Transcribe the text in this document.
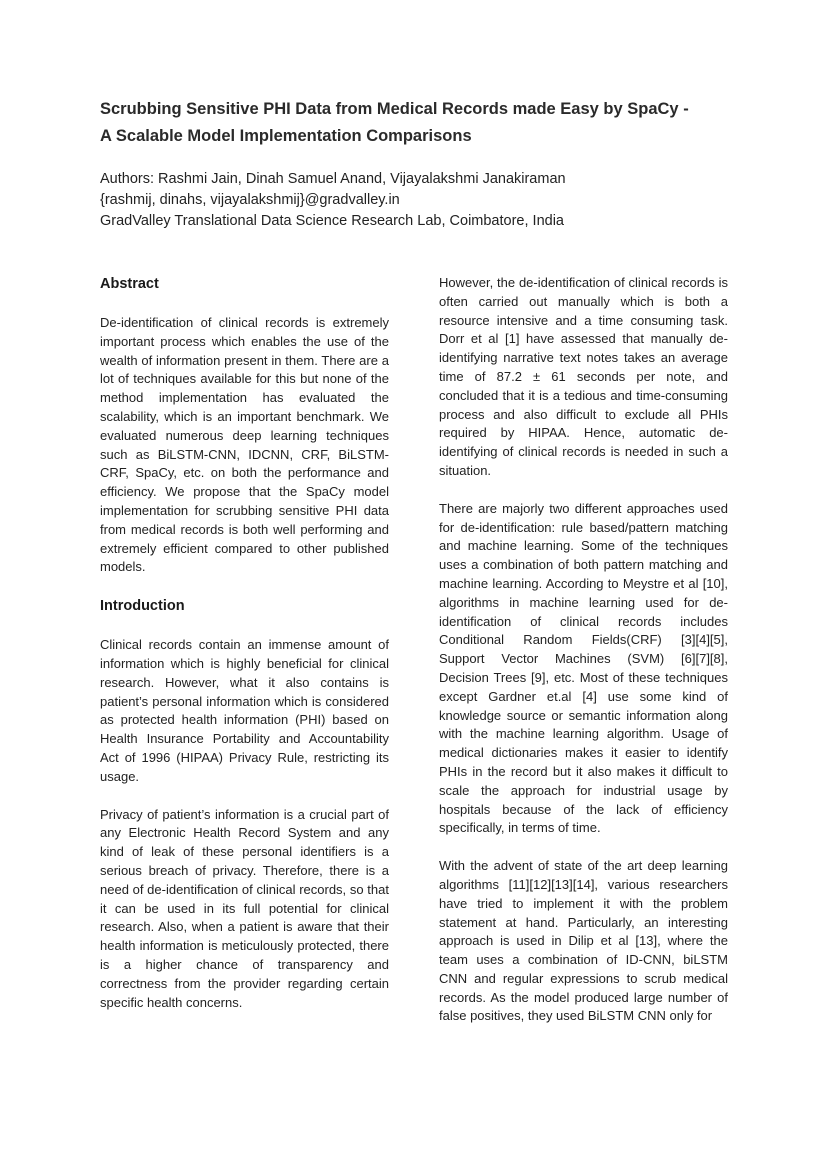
Scrubbing Sensitive PHI Data from Medical Records made Easy by SpaCy -
A Scalable Model Implementation Comparisons
Authors: Rashmi Jain, Dinah Samuel Anand, Vijayalakshmi Janakiraman
{rashmij, dinahs, vijayalakshmij}@gradvalley.in
GradValley Translational Data Science Research Lab, Coimbatore, India
Abstract

De-identification of clinical records is extremely important process which enables the use of the wealth of information present in them. There are a lot of techniques available for this but none of the method implementation has evaluated the scalability, which is an important benchmark. We evaluated numerous deep learning techniques such as BiLSTM-CNN, IDCNN, CRF, BiLSTM-CRF, SpaCy, etc. on both the performance and efficiency. We propose that the SpaCy model implementation for scrubbing sensitive PHI data from medical records is both well performing and extremely efficient compared to other published models.

Introduction

Clinical records contain an immense amount of information which is highly beneficial for clinical research. However, what it also contains is patient’s personal information which is considered as protected health information (PHI) based on Health Insurance Portability and Accountability Act of 1996 (HIPAA) Privacy Rule, restricting its usage.

Privacy of patient’s information is a crucial part of any Electronic Health Record System and any kind of leak of these personal identifiers is a serious breach of privacy. Therefore, there is a need of de-identification of clinical records, so that it can be used in its full potential for clinical research. Also, when a patient is aware that their health information is meticulously protected, there is a higher chance of transparency and correctness from the provider regarding certain specific health concerns.

However, the de-identification of clinical records is often carried out manually which is both a resource intensive and a time consuming task. Dorr et al [1] have assessed that manually de-identifying narrative text notes takes an average time of 87.2 ± 61 seconds per note, and concluded that it is a tedious and time-consuming process and also difficult to exclude all PHIs required by HIPAA. Hence, automatic de-identifying of clinical records is needed in such a situation.

There are majorly two different approaches used for de-identification: rule based/pattern matching and machine learning. Some of the techniques uses a combination of both pattern matching and machine learning. According to Meystre et al [10], algorithms in machine learning used for de-identification of clinical records includes Conditional Random Fields(CRF) [3][4][5], Support Vector Machines (SVM) [6][7][8], Decision Trees [9], etc. Most of these techniques except Gardner et.al [4] use some kind of knowledge source or semantic information along with the machine learning algorithm. Usage of medical dictionaries makes it easier to identify PHIs in the record but it also makes it difficult to scale the approach for industrial usage by hospitals because of the lack of efficiency specifically, in terms of time.

With the advent of state of the art deep learning algorithms [11][12][13][14], various researchers have tried to implement it with the problem statement at hand. Particularly, an interesting approach is used in Dilip et al [13], where the team uses a combination of ID-CNN, biLSTM CNN and regular expressions to scrub medical records. As the model produced large number of false positives, they used BiLSTM CNN only for
